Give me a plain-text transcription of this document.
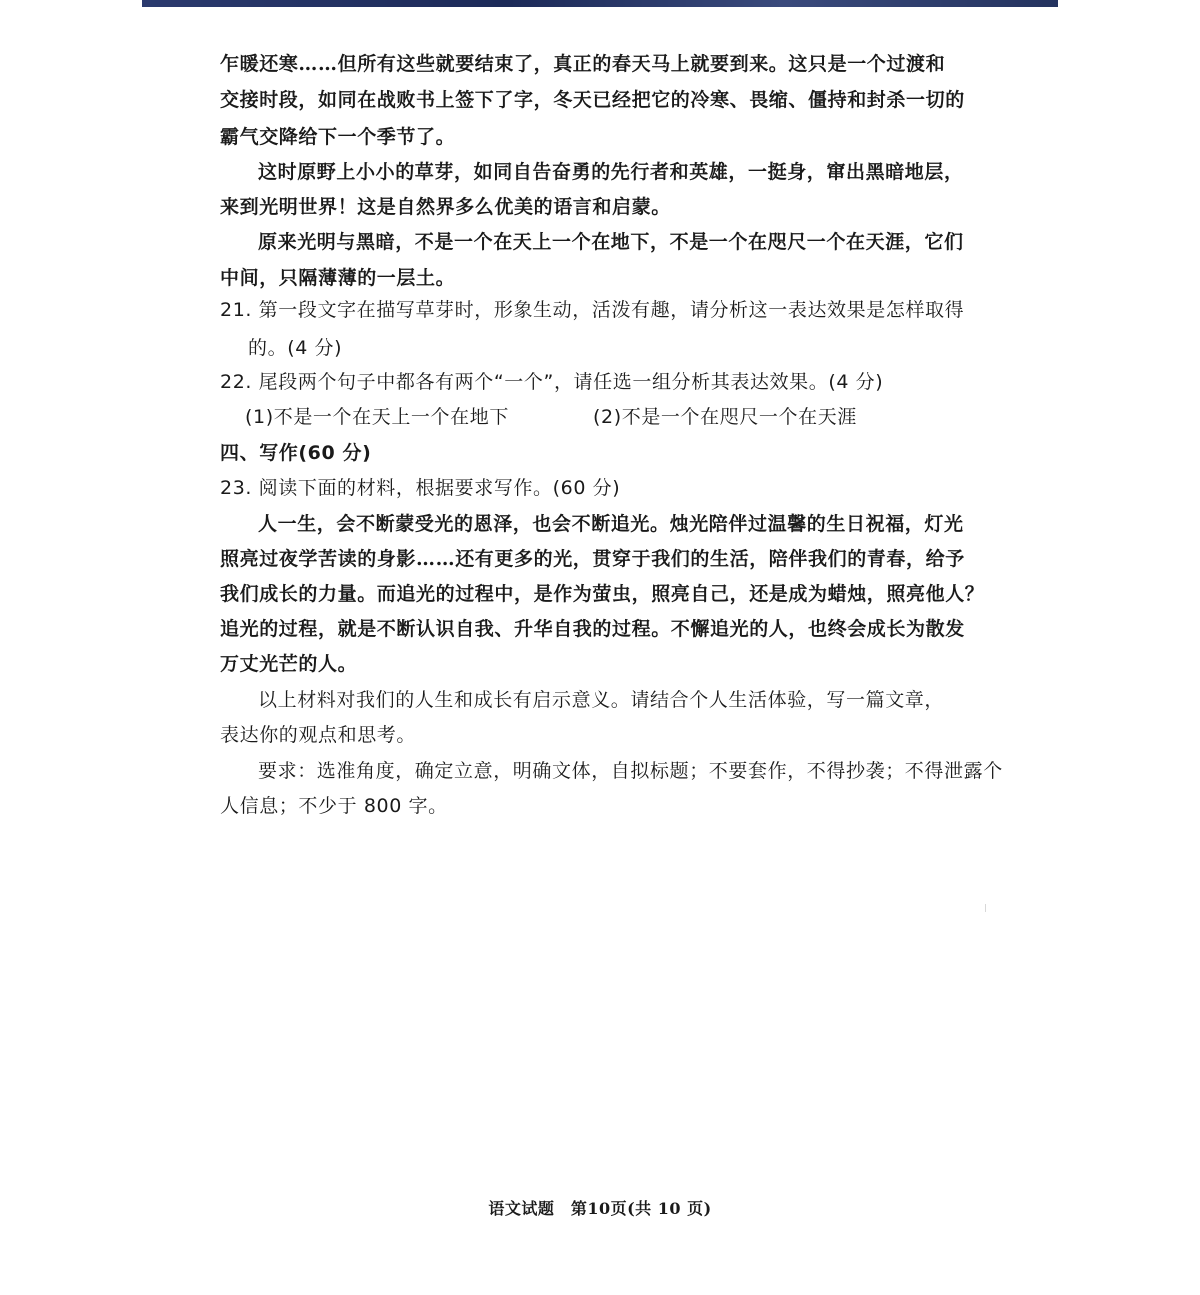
乍暖还寒……但所有这些就要结束了，真正的春天马上就要到来。这只是一个过渡和
交接时段，如同在战败书上签下了字，冬天已经把它的冷寒、畏缩、僵持和封杀一切的
霸气交降给下一个季节了。
这时原野上小小的草芽，如同自告奋勇的先行者和英雄，一挺身，窜出黑暗地层，
来到光明世界！这是自然界多么优美的语言和启蒙。
原来光明与黑暗，不是一个在天上一个在地下，不是一个在咫尺一个在天涯，它们
中间，只隔薄薄的一层土。
21. 第一段文字在描写草芽时，形象生动，活泼有趣，请分析这一表达效果是怎样取得
的。(4 分)
22. 尾段两个句子中都各有两个“一个”，请任选一组分析其表达效果。(4 分)
(1)不是一个在天上一个在地下	(2)不是一个在咫尺一个在天涯
四、写作(60 分)
23. 阅读下面的材料，根据要求写作。(60 分)
人一生，会不断蒙受光的恩泽，也会不断追光。烛光陪伴过温馨的生日祝福，灯光
照亮过夜学苦读的身影……还有更多的光，贯穿于我们的生活，陪伴我们的青春，给予
我们成长的力量。而追光的过程中，是作为萤虫，照亮自己，还是成为蜡烛，照亮他人？
追光的过程，就是不断认识自我、升华自我的过程。不懈追光的人，也终会成长为散发
万丈光芒的人。
以上材料对我们的人生和成长有启示意义。请结合个人生活体验，写一篇文章，
表达你的观点和思考。
要求：选准角度，确定立意，明确文体，自拟标题；不要套作，不得抄袭；不得泄露个
人信息；不少于 800 字。
语文试题　第10页(共 10 页)
